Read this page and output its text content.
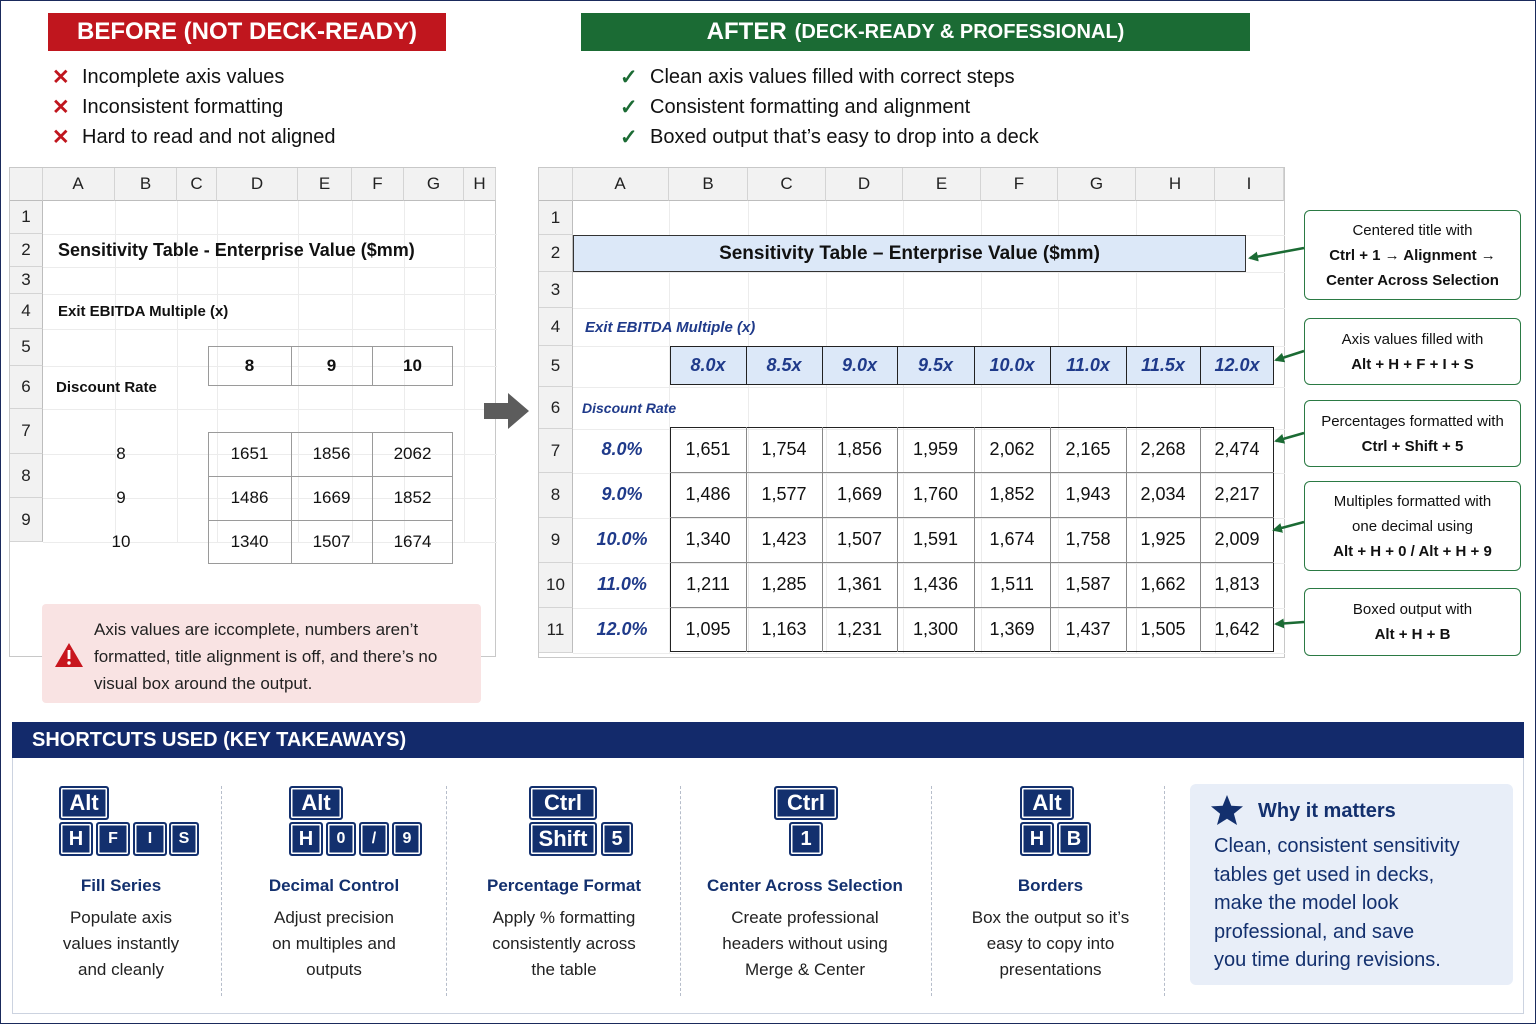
BEFORE (NOT DECK-READY)	AFTER (DECK-READY & PROFESSIONAL)
✕ Incomplete axis values
✕ Inconsistent formatting
✕ Hard to read and not aligned
✓ Clean axis values filled with correct steps
✓ Consistent formatting and alignment
✓ Boxed output that’s easy to drop into a deck
A	B	C	D	E	F	G	H
1
2
3
4
5
6
7
8
9
Sensitivity Table - Enterprise Value ($mm)
Exit EBITDA Multiple (x)
Discount Rate
8	9	10
8	1651	1856	2062
9	1486	1669	1852
10	1340	1507	1674
Axis values are iccomplete, numbers aren’t formatted, title alignment is off, and there’s no visual box around the output.
A	B	C	D	E	F	G	H	I
1
2
3
4
5
6
7
8
9
10
11
Sensitivity Table – Enterprise Value ($mm)
Exit EBITDA Multiple (x)
Discount Rate
8.0x	8.5x	9.0x	9.5x	10.0x	11.0x	11.5x	12.0x
8.0%	1,651	1,754	1,856	1,959	2,062	2,165	2,268	2,474
9.0%	1,486	1,577	1,669	1,760	1,852	1,943	2,034	2,217
10.0%	1,340	1,423	1,507	1,591	1,674	1,758	1,925	2,009
11.0%	1,211	1,285	1,361	1,436	1,511	1,587	1,662	1,813
12.0%	1,095	1,163	1,231	1,300	1,369	1,437	1,505	1,642
Centered title with
Ctrl + 1 → Alignment →
Center Across Selection
Axis values filled with
Alt + H + F + I + S
Percentages formatted with
Ctrl + Shift + 5
Multiples formatted with
one decimal using
Alt + H + 0 / Alt + H + 9
Boxed output with
Alt + H + B
SHORTCUTS USED (KEY TAKEAWAYS)
Alt
H	F	I	S
Fill Series
Populate axis
values instantly
and cleanly
Alt
H	0	/	9
Decimal Control
Adjust precision
on multiples and
outputs
Ctrl
Shift	5
Percentage Format
Apply % formatting
consistently across
the table
Ctrl
1
Center Across Selection
Create professional
headers without using
Merge & Center
Alt
H	B
Borders
Box the output so it’s
easy to copy into
presentations
Why it matters
Clean, consistent sensitivity
tables get used in decks,
make the model look
professional, and save
you time during revisions.
